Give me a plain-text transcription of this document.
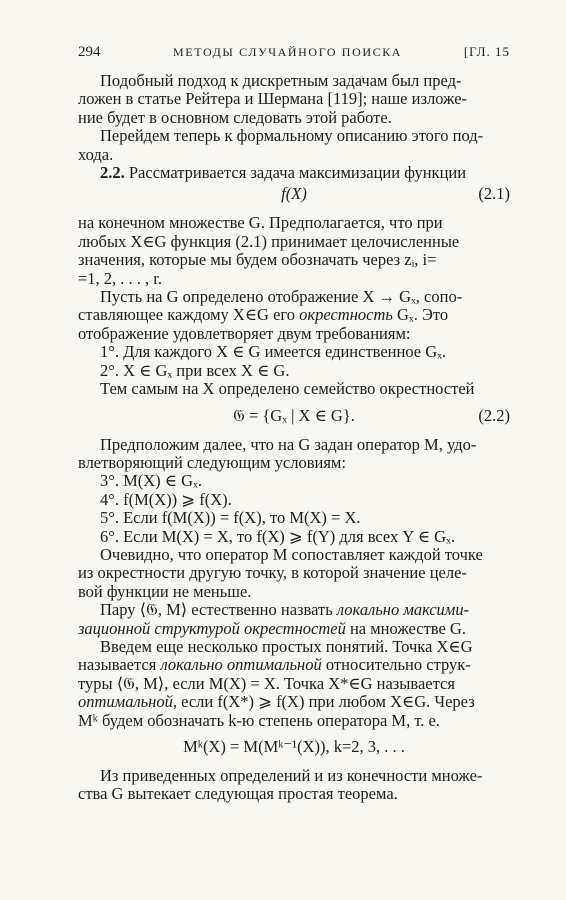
294	МЕТОДЫ СЛУЧАЙНОГО ПОИСКА	[ГЛ. 15
Подобный подход к дискретным задачам был пред-
ложен в статье Рейтера и Шермана [119]; наше изложе-
ние будет в основном следовать этой работе.
Перейдем теперь к формальному описанию этого под-
хода.
2.2. Рассматривается задача максимизации функции
f(X)	(2.1)
на конечном множестве G. Предполагается, что при
любых X∈G функция (2.1) принимает целочисленные
значения, которые мы будем обозначать через zᵢ, i=
=1, 2, . . . , r.
Пусть на G определено отображение X → Gₓ, сопо-
ставляющее каждому X∈G его окрестность Gₓ. Это
отображение удовлетворяет двум требованиям:
1°. Для каждого X ∈ G имеется единственное Gₓ.
2°. X ∈ Gₓ при всех X ∈ G.
Тем самым на X определено семейство окрестностей
𝔊 = {Gₓ | X ∈ G}.	(2.2)
Предположим далее, что на G задан оператор M, удо-
влетворяющий следующим условиям:
3°. M(X) ∈ Gₓ.
4°. f(M(X)) ⩾ f(X).
5°. Если f(M(X)) = f(X), то M(X) = X.
6°. Если M(X) = X, то f(X) ⩾ f(Y) для всех Y ∈ Gₓ.
Очевидно, что оператор M сопоставляет каждой точке
из окрестности другую точку, в которой значение целе-
вой функции не меньше.
Пару ⟨𝔊, M⟩ естественно назвать локально максими-
зационной структурой окрестностей на множестве G.
Введем еще несколько простых понятий. Точка X∈G
называется локально оптимальной относительно струк-
туры ⟨𝔊, M⟩, если M(X) = X. Точка X*∈G называется
оптимальной, если f(X*) ⩾ f(X) при любом X∈G. Через
Mᵏ будем обозначать k-ю степень оператора M, т. е.
Mᵏ(X) = M(Mᵏ⁻¹(X)), k=2, 3, . . .
Из приведенных определений и из конечности множе-
ства G вытекает следующая простая теорема.
